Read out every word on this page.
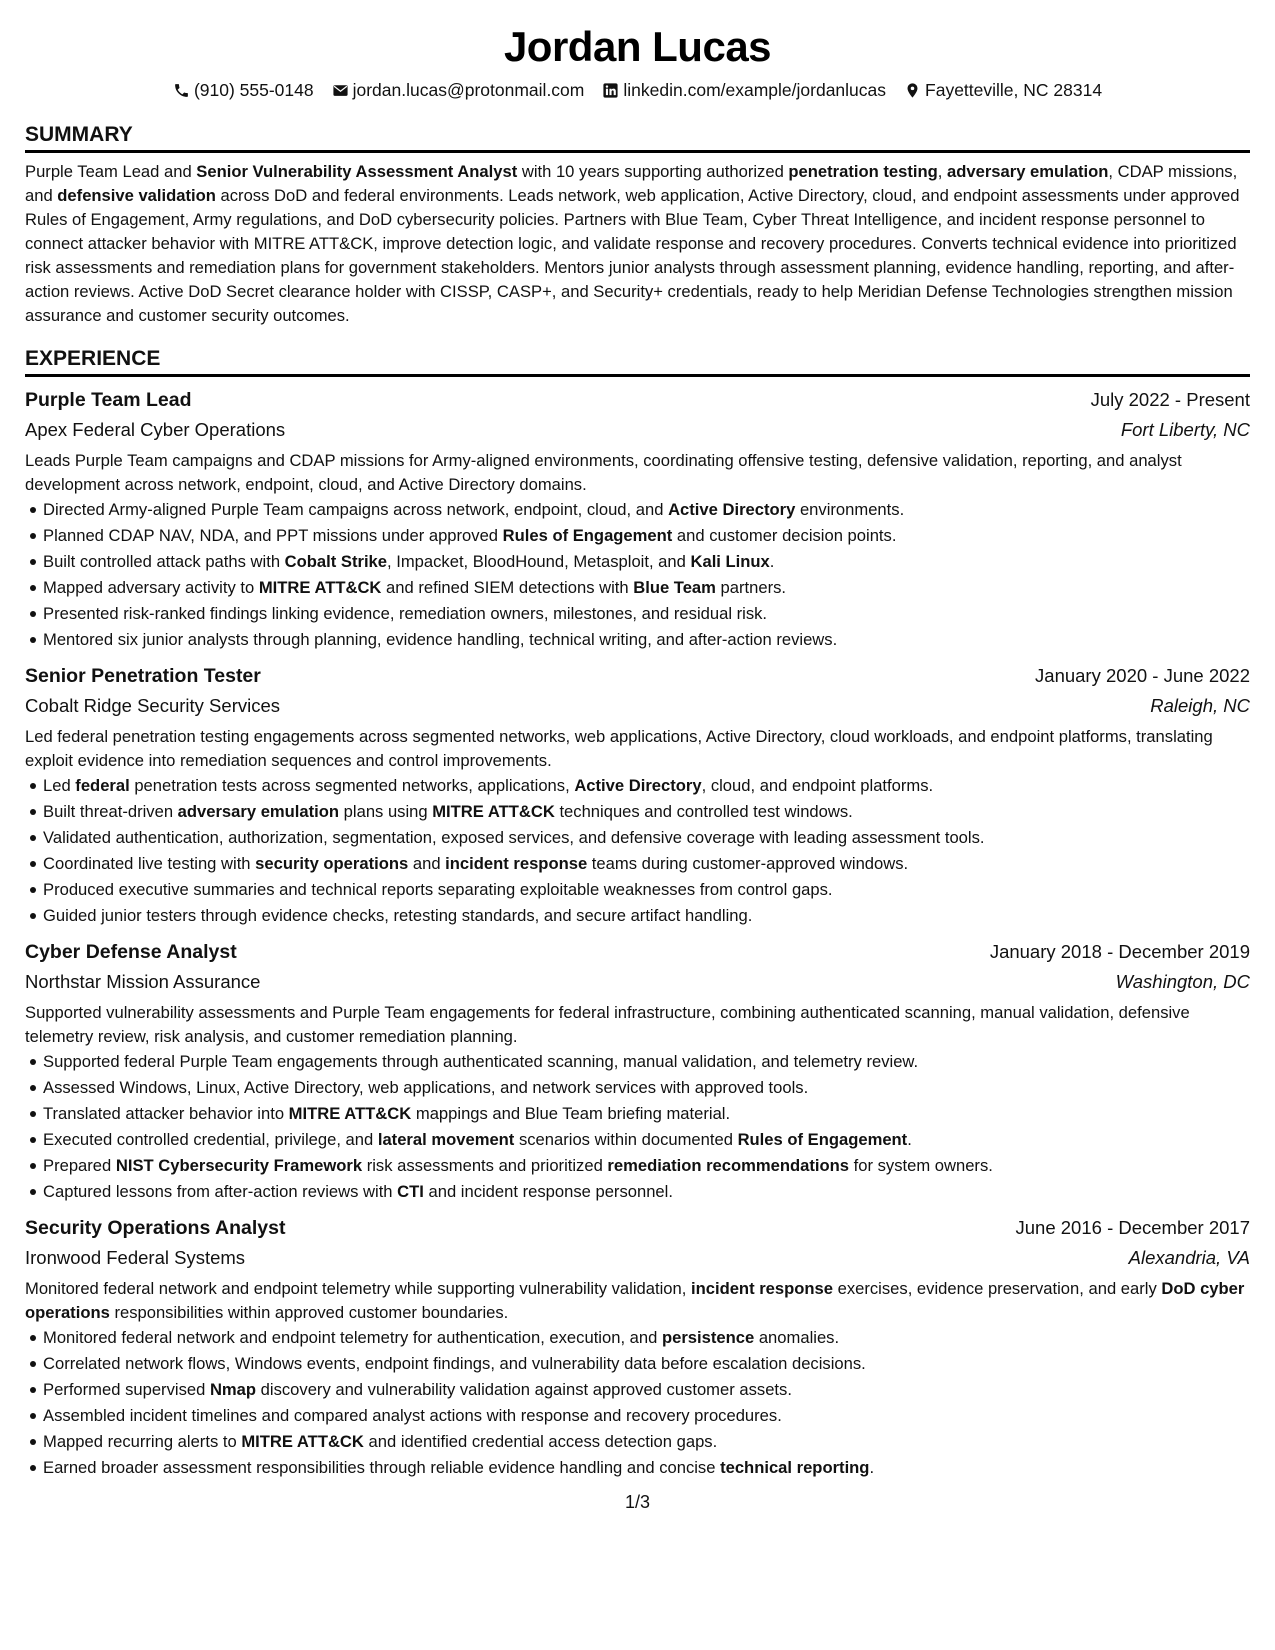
Jordan Lucas
(910) 555-0148 jordan.lucas@protonmail.com linkedin.com/example/jordanlucas Fayetteville, NC 28314
SUMMARY
Purple Team Lead and Senior Vulnerability Assessment Analyst with 10 years supporting authorized penetration testing, adversary emulation, CDAP missions, and defensive validation across DoD and federal environments. Leads network, web application, Active Directory, cloud, and endpoint assessments under approved Rules of Engagement, Army regulations, and DoD cybersecurity policies. Partners with Blue Team, Cyber Threat Intelligence, and incident response personnel to connect attacker behavior with MITRE ATT&CK, improve detection logic, and validate response and recovery procedures. Converts technical evidence into prioritized risk assessments and remediation plans for government stakeholders. Mentors junior analysts through assessment planning, evidence handling, reporting, and after-action reviews. Active DoD Secret clearance holder with CISSP, CASP+, and Security+ credentials, ready to help Meridian Defense Technologies strengthen mission assurance and customer security outcomes.
EXPERIENCE
Purple Team Lead	July 2022 - Present
Apex Federal Cyber Operations	Fort Liberty, NC
Leads Purple Team campaigns and CDAP missions for Army-aligned environments, coordinating offensive testing, defensive validation, reporting, and analyst development across network, endpoint, cloud, and Active Directory domains.
Directed Army-aligned Purple Team campaigns across network, endpoint, cloud, and Active Directory environments.
Planned CDAP NAV, NDA, and PPT missions under approved Rules of Engagement and customer decision points.
Built controlled attack paths with Cobalt Strike, Impacket, BloodHound, Metasploit, and Kali Linux.
Mapped adversary activity to MITRE ATT&CK and refined SIEM detections with Blue Team partners.
Presented risk-ranked findings linking evidence, remediation owners, milestones, and residual risk.
Mentored six junior analysts through planning, evidence handling, technical writing, and after-action reviews.
Senior Penetration Tester	January 2020 - June 2022
Cobalt Ridge Security Services	Raleigh, NC
Led federal penetration testing engagements across segmented networks, web applications, Active Directory, cloud workloads, and endpoint platforms, translating exploit evidence into remediation sequences and control improvements.
Led federal penetration tests across segmented networks, applications, Active Directory, cloud, and endpoint platforms.
Built threat-driven adversary emulation plans using MITRE ATT&CK techniques and controlled test windows.
Validated authentication, authorization, segmentation, exposed services, and defensive coverage with leading assessment tools.
Coordinated live testing with security operations and incident response teams during customer-approved windows.
Produced executive summaries and technical reports separating exploitable weaknesses from control gaps.
Guided junior testers through evidence checks, retesting standards, and secure artifact handling.
Cyber Defense Analyst	January 2018 - December 2019
Northstar Mission Assurance	Washington, DC
Supported vulnerability assessments and Purple Team engagements for federal infrastructure, combining authenticated scanning, manual validation, defensive telemetry review, risk analysis, and customer remediation planning.
Supported federal Purple Team engagements through authenticated scanning, manual validation, and telemetry review.
Assessed Windows, Linux, Active Directory, web applications, and network services with approved tools.
Translated attacker behavior into MITRE ATT&CK mappings and Blue Team briefing material.
Executed controlled credential, privilege, and lateral movement scenarios within documented Rules of Engagement.
Prepared NIST Cybersecurity Framework risk assessments and prioritized remediation recommendations for system owners.
Captured lessons from after-action reviews with CTI and incident response personnel.
Security Operations Analyst	June 2016 - December 2017
Ironwood Federal Systems	Alexandria, VA
Monitored federal network and endpoint telemetry while supporting vulnerability validation, incident response exercises, evidence preservation, and early DoD cyber operations responsibilities within approved customer boundaries.
Monitored federal network and endpoint telemetry for authentication, execution, and persistence anomalies.
Correlated network flows, Windows events, endpoint findings, and vulnerability data before escalation decisions.
Performed supervised Nmap discovery and vulnerability validation against approved customer assets.
Assembled incident timelines and compared analyst actions with response and recovery procedures.
Mapped recurring alerts to MITRE ATT&CK and identified credential access detection gaps.
Earned broader assessment responsibilities through reliable evidence handling and concise technical reporting.
1/3
